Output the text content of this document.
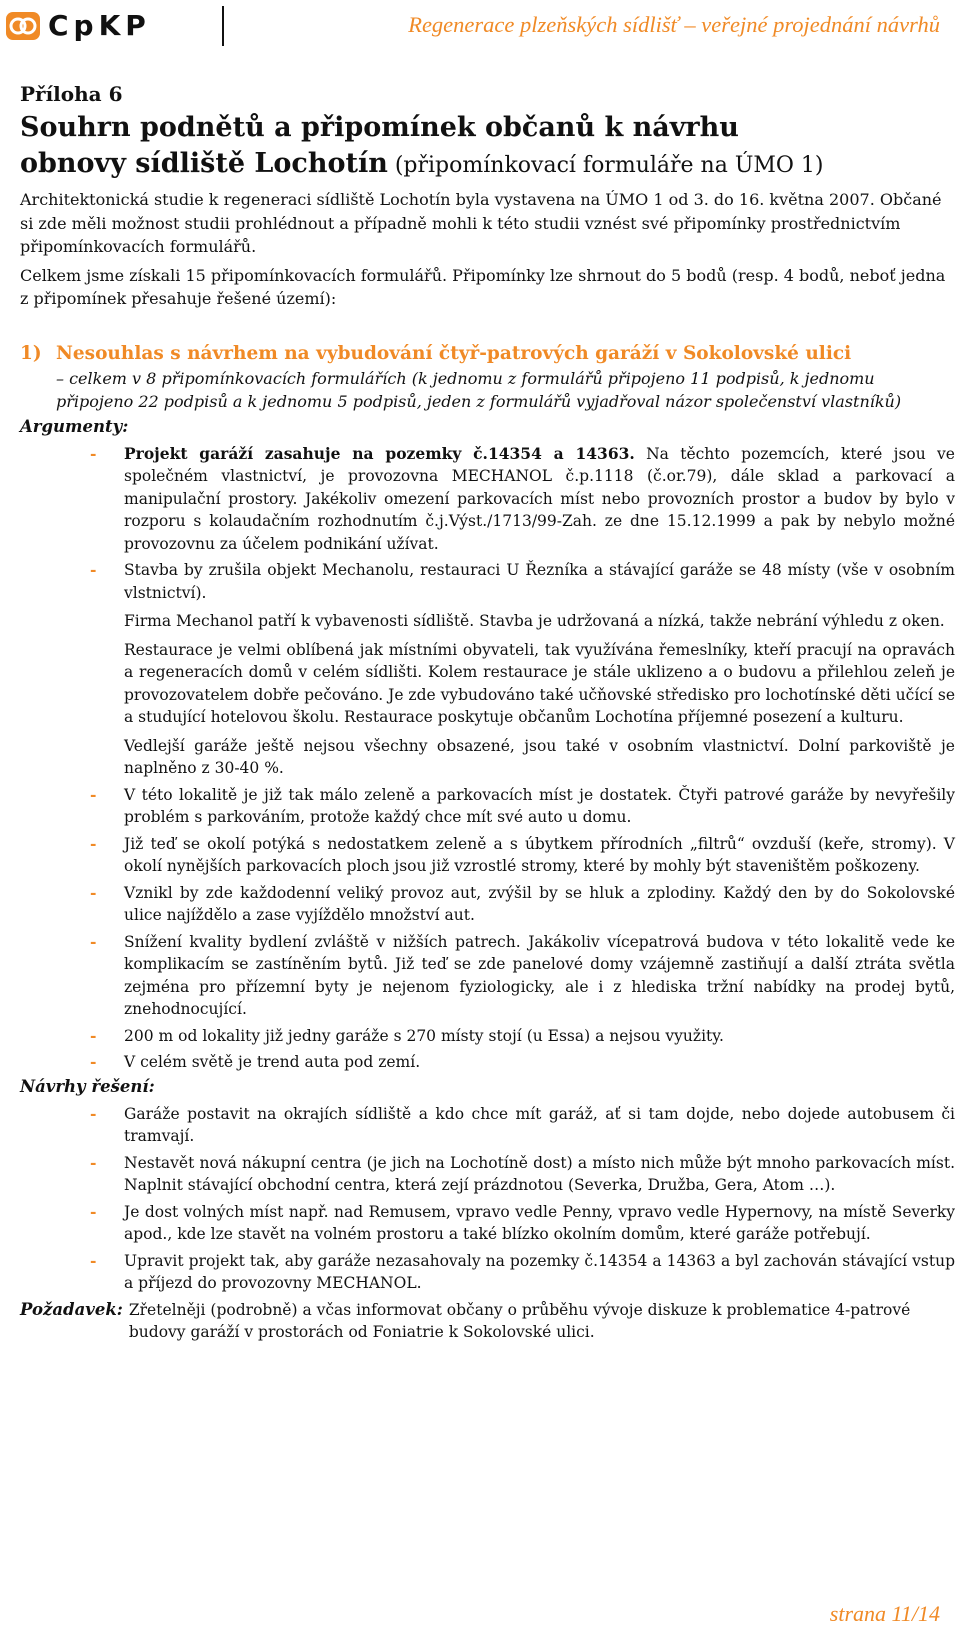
CpKP	Regenerace plzeňských sídlišť – veřejné projednání návrhů
Příloha 6
Souhrn podnětů a připomínek občanů k návrhu
obnovy sídliště Lochotín (připomínkovací formuláře na ÚMO 1)

Architektonická studie k regeneraci sídliště Lochotín byla vystavena na ÚMO 1 od 3. do 16. května 2007. Občané si zde měli možnost studii prohlédnout a případně mohli k této studii vznést své připomínky prostřednictvím připomínkovacích formulářů.

Celkem jsme získali 15 připomínkovacích formulářů. Připomínky lze shrnout do 5 bodů (resp. 4 bodů, neboť jedna z připomínek přesahuje řešené území):

1) Nesouhlas s návrhem na vybudování čtyř-patrových garáží v Sokolovské ulici
– celkem v 8 připomínkovacích formulářích (k jednomu z formulářů připojeno 11 podpisů, k jednomu připojeno 22 podpisů a k jednomu 5 podpisů, jeden z formulářů vyjadřoval názor společenství vlastníků)
Argumenty:
-	Projekt garáží zasahuje na pozemky č.14354 a 14363. Na těchto pozemcích, které jsou ve společném vlastnictví, je provozovna MECHANOL č.p.1118 (č.or.79), dále sklad a parkovací a manipulační prostory. Jakékoliv omezení parkovacích míst nebo provozních prostor a budov by bylo v rozporu s kolaudačním rozhodnutím č.j.Výst./1713/99-Zah. ze dne 15.12.1999 a pak by nebylo možné provozovnu za účelem podnikání užívat.
-	Stavba by zrušila objekt Mechanolu, restauraci U Řezníka a stávající garáže se 48 místy (vše v osobním vlstnictví).

Firma Mechanol patří k vybavenosti sídliště. Stavba je udržovaná a nízká, takže nebrání výhledu z oken.

Restaurace je velmi oblíbená jak místními obyvateli, tak využívána řemeslníky, kteří pracují na opravách a regeneracích domů v celém sídlišti. Kolem restaurace je stále uklizeno a o budovu a přilehlou zeleň je provozovatelem dobře pečováno. Je zde vybudováno také učňovské středisko pro lochotínské děti učící se a studující hotelovou školu. Restaurace poskytuje občanům Lochotína příjemné posezení a kulturu.

Vedlejší garáže ještě nejsou všechny obsazené, jsou také v osobním vlastnictví. Dolní parkoviště je naplněno z 30-40 %.

-	V této lokalitě je již tak málo zeleně a parkovacích míst je dostatek. Čtyři patrové garáže by nevyřešily problém s parkováním, protože každý chce mít své auto u domu.
-	Již teď se okolí potýká s nedostatkem zeleně a s úbytkem přírodních „filtrů“ ovzduší (keře, stromy). V okolí nynějších parkovacích ploch jsou již vzrostlé stromy, které by mohly být staveništěm poškozeny.
-	Vznikl by zde každodenní veliký provoz aut, zvýšil by se hluk a zplodiny. Každý den by do Sokolovské ulice najíždělo a zase vyjíždělo množství aut.
-	Snížení kvality bydlení zvláště v nižších patrech. Jakákoliv vícepatrová budova v této lokalitě vede ke komplikacím se zastíněním bytů. Již teď se zde panelové domy vzájemně zastiňují a další ztráta světla zejména pro přízemní byty je nejenom fyziologicky, ale i z hlediska tržní nabídky na prodej bytů, znehodnocující.
-	200 m od lokality již jedny garáže s 270 místy stojí (u Essa) a nejsou využity.
-	V celém světě je trend auta pod zemí.
Návrhy řešení:
-	Garáže postavit na okrajích sídliště a kdo chce mít garáž, ať si tam dojde, nebo dojede autobusem či tramvají.
-	Nestavět nová nákupní centra (je jich na Lochotíně dost) a místo nich může být mnoho parkovacích míst. Naplnit stávající obchodní centra, která zejí prázdnotou (Severka, Družba, Gera, Atom …).
-	Je dost volných míst např. nad Remusem, vpravo vedle Penny, vpravo vedle Hypernovy, na místě Severky apod., kde lze stavět na volném prostoru a také blízko okolním domům, které garáže potřebují.
-	Upravit projekt tak, aby garáže nezasahovaly na pozemky č.14354 a 14363 a byl zachován stávající vstup a příjezd do provozovny MECHANOL.
Požadavek: Zřetelněji (podrobně) a včas informovat občany o průběhu vývoje diskuze k problematice 4-patrové budovy garáží v prostorách od Foniatrie k Sokolovské ulici.
strana 11/14
